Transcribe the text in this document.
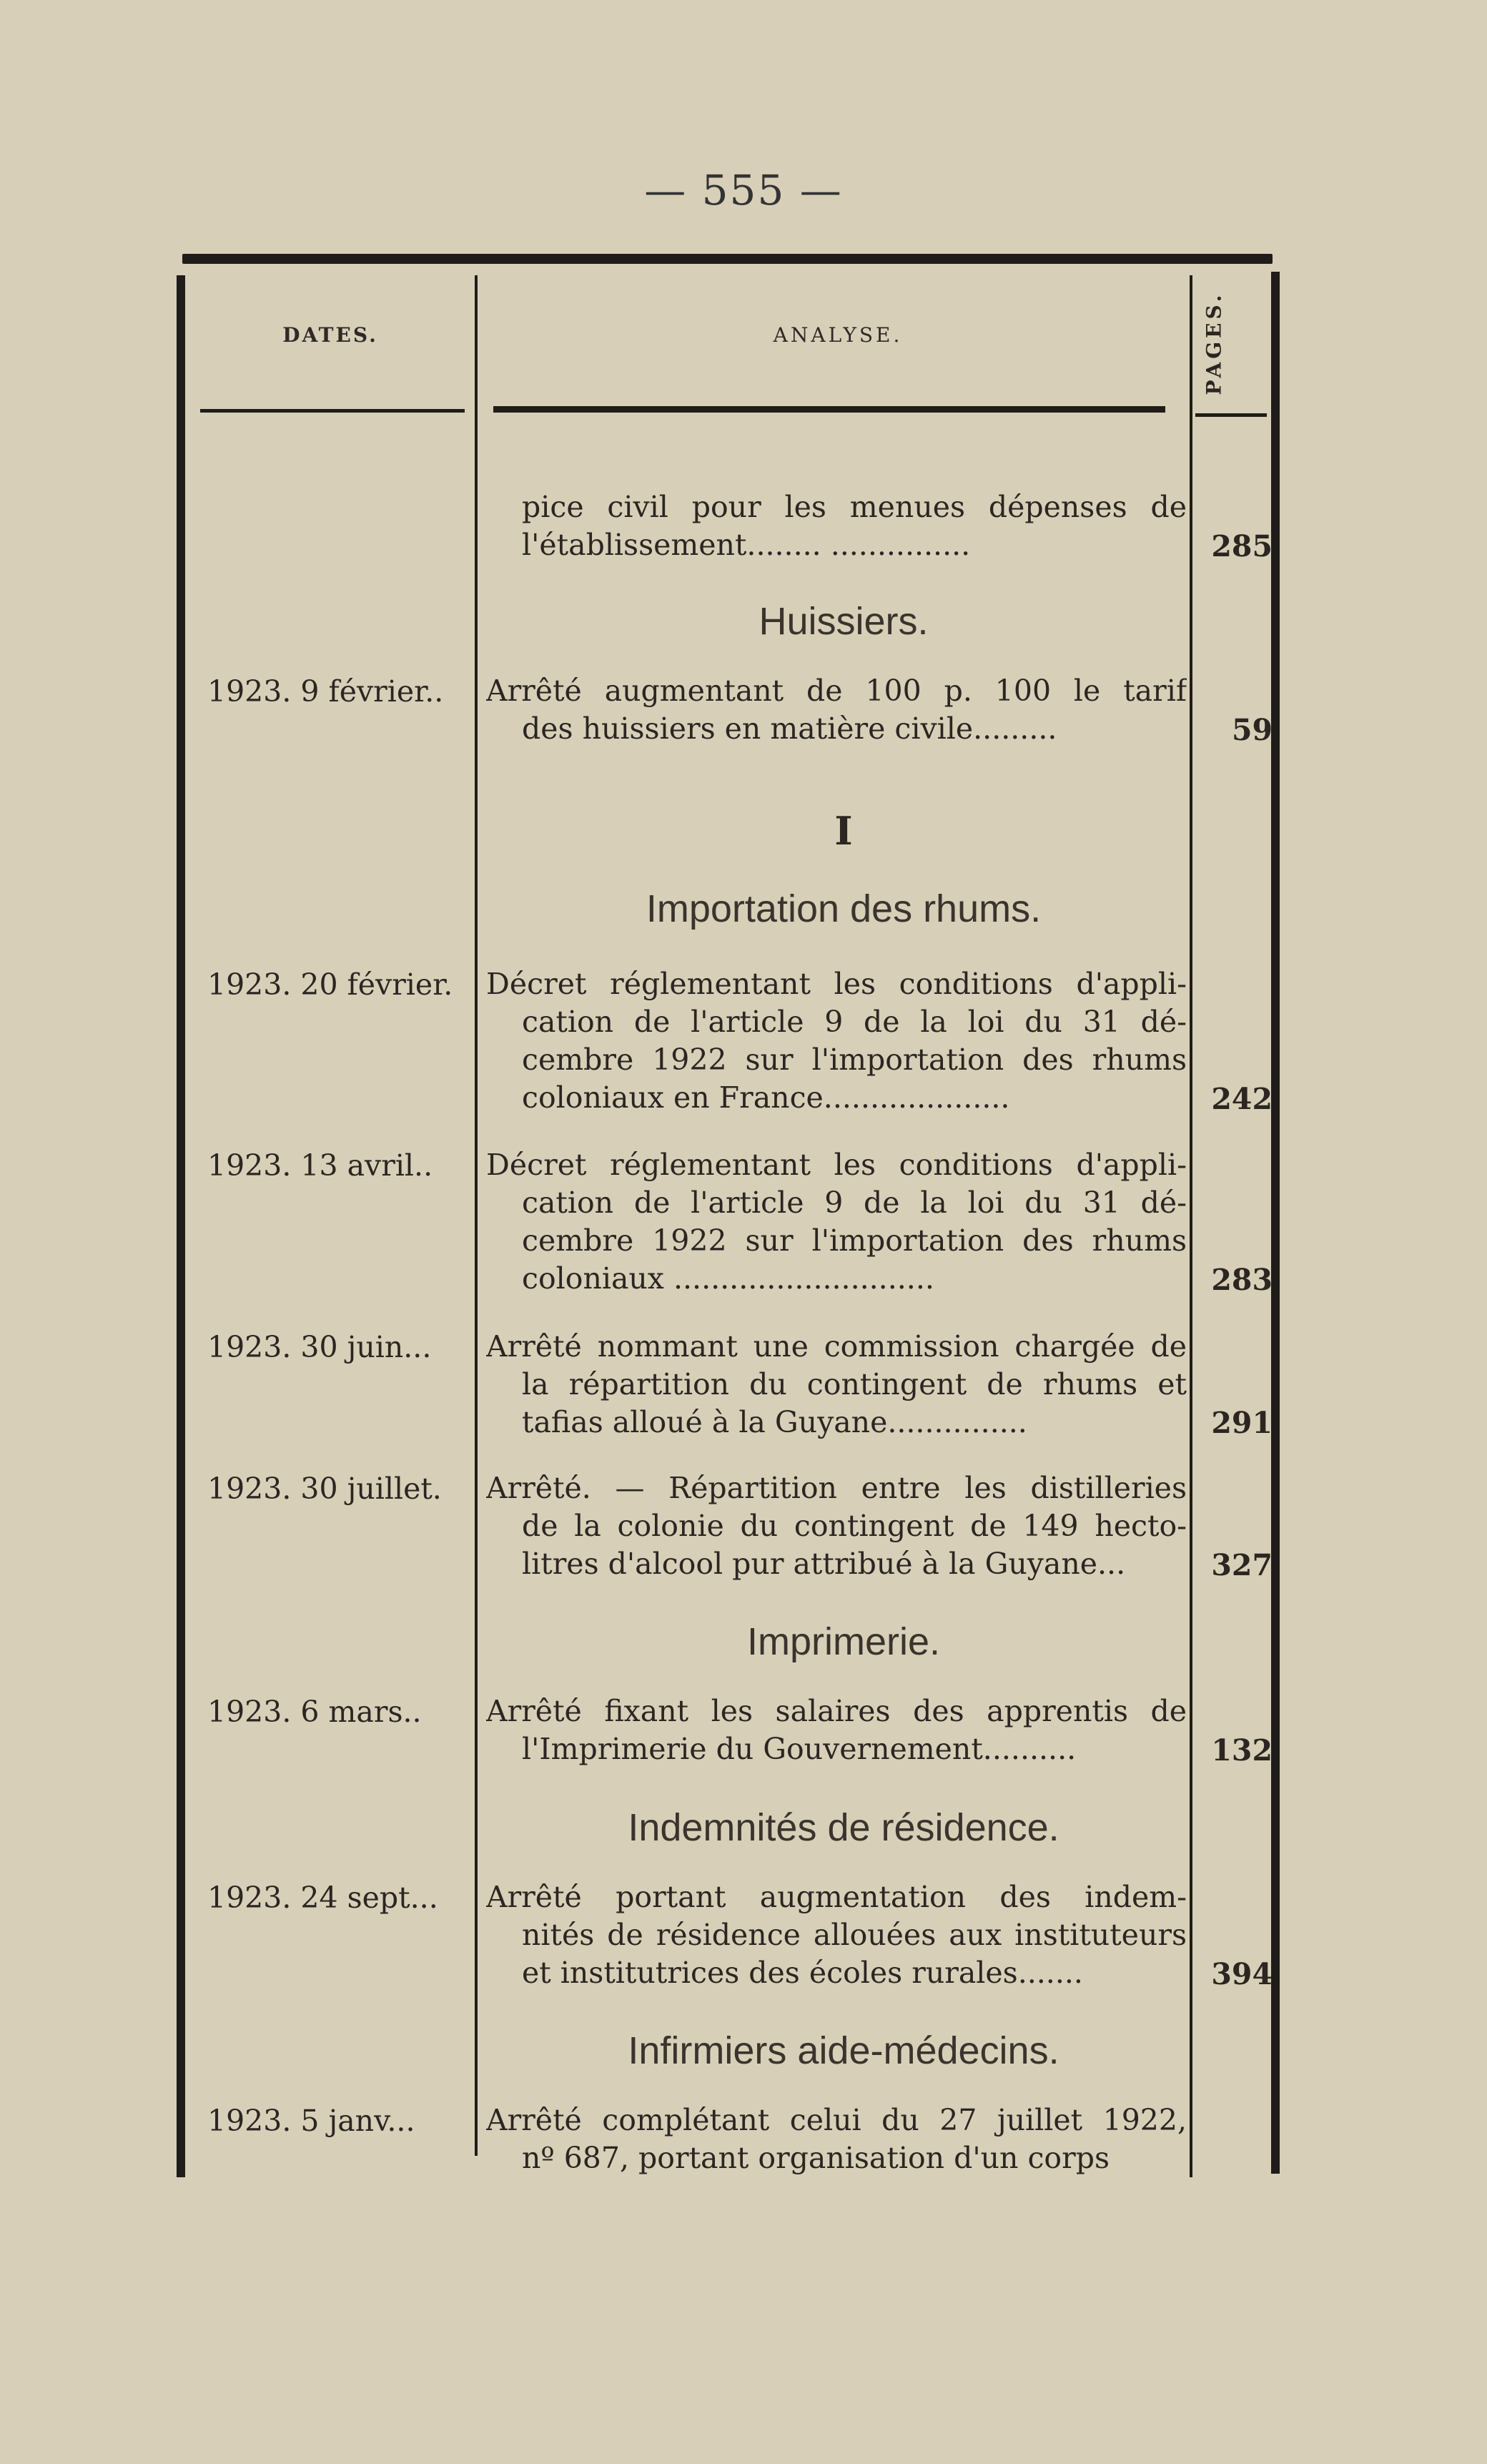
— 555 —
DATES.	ANALYSE.	PAGES.
pice civil pour les menues dépenses de
l'établissement........ ...............	285
Huissiers.
1923. 9 février..	Arrêté augmentant de 100 p. 100 le tarif
des huissiers en matière civile.........	59
I
Importation des rhums.
1923. 20 février.	Décret réglementant les conditions d'appli-
cation de l'article 9 de la loi du 31 dé-
cembre 1922 sur l'importation des rhums
coloniaux en France....................	242
1923. 13 avril..	Décret réglementant les conditions d'appli-
cation de l'article 9 de la loi du 31 dé-
cembre 1922 sur l'importation des rhums
coloniaux ............................	283
1923. 30 juin...	Arrêté nommant une commission chargée de
la répartition du contingent de rhums et
tafias alloué à la Guyane...............	291
1923. 30 juillet.	Arrêté. — Répartition entre les distilleries
de la colonie du contingent de 149 hecto-
litres d'alcool pur attribué à la Guyane...	327
Imprimerie.
1923. 6 mars..	Arrêté fixant les salaires des apprentis de
l'Imprimerie du Gouvernement..........	132
Indemnités de résidence.
1923. 24 sept...	Arrêté portant augmentation des indem-
nités de résidence allouées aux instituteurs
et institutrices des écoles rurales.......	394
Infirmiers aide-médecins.
1923. 5 janv...	Arrêté complétant celui du 27 juillet 1922,
nº 687, portant organisation d'un corps
